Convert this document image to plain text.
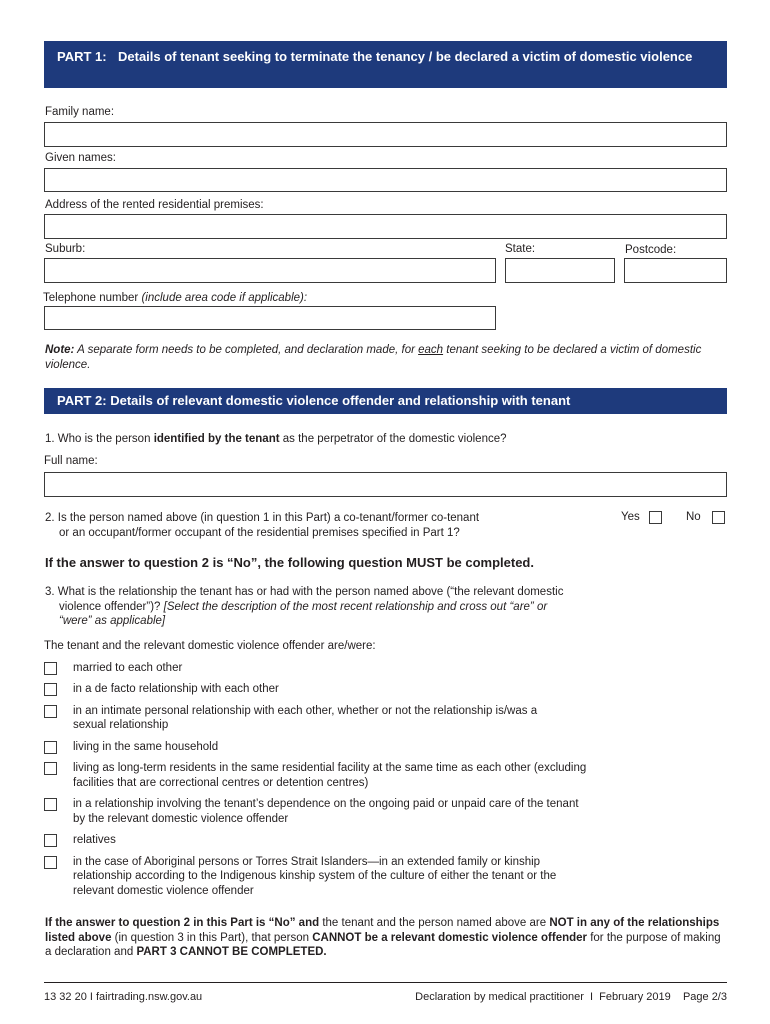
PART 1: Details of tenant seeking to terminate the tenancy / be declared a victim of domestic violence
Family name:
Given names:
Address of the rented residential premises:
Suburb:	State:	Postcode:
Telephone number (include area code if applicable):
Note: A separate form needs to be completed, and declaration made, for each tenant seeking to be declared a victim of domestic violence.
PART 2: Details of relevant domestic violence offender and relationship with tenant
1. Who is the person identified by the tenant as the perpetrator of the domestic violence?
Full name:
2. Is the person named above (in question 1 in this Part) a co-tenant/former co-tenant
or an occupant/former occupant of the residential premises specified in Part 1?
Yes	No
If the answer to question 2 is “No”, the following question MUST be completed.
3. What is the relationship the tenant has or had with the person named above (“the relevant domestic
violence offender”)? [Select the description of the most recent relationship and cross out “are” or
“were” as applicable]
The tenant and the relevant domestic violence offender are/were:
married to each other
in a de facto relationship with each other
in an intimate personal relationship with each other, whether or not the relationship is/was a
sexual relationship
living in the same household
living as long-term residents in the same residential facility at the same time as each other (excluding
facilities that are correctional centres or detention centres)
in a relationship involving the tenant’s dependence on the ongoing paid or unpaid care of the tenant
by the relevant domestic violence offender
relatives
in the case of Aboriginal persons or Torres Strait Islanders—in an extended family or kinship
relationship according to the Indigenous kinship system of the culture of either the tenant or the
relevant domestic violence offender
If the answer to question 2 in this Part is “No” and the tenant and the person named above are NOT in any of the relationships listed above (in question 3 in this Part), that person CANNOT be a relevant domestic violence offender for the purpose of making a declaration and PART 3 CANNOT BE COMPLETED.
13 32 20 I fairtrading.nsw.gov.au	Declaration by medical practitioner  I  February 2019    Page 2/3
